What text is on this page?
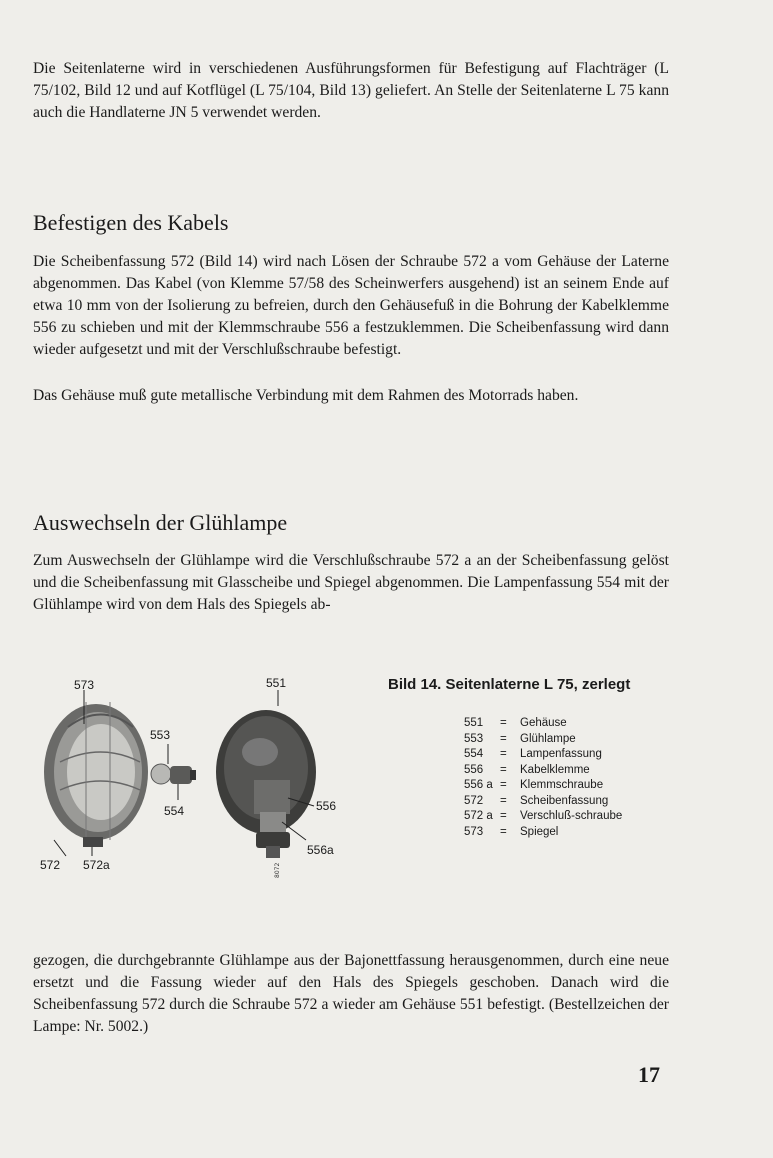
Die Seitenlaterne wird in verschiedenen Ausführungsformen für Befestigung auf Flachträger (L 75/102, Bild 12 und auf Kotflügel (L 75/104, Bild 13) geliefert. An Stelle der Seitenlaterne L 75 kann auch die Handlaterne JN 5 verwendet werden.

Befestigen des Kabels

Die Scheibenfassung 572 (Bild 14) wird nach Lösen der Schraube 572 a vom Gehäuse der Laterne abgenommen. Das Kabel (von Klemme 57/58 des Scheinwerfers ausgehend) ist an seinem Ende auf etwa 10 mm von der Isolierung zu befreien, durch den Gehäusefuß in die Bohrung der Kabelklemme 556 zu schieben und mit der Klemmschraube 556 a festzuklemmen. Die Scheibenfassung wird dann wieder aufgesetzt und mit der Verschlußschraube befestigt.

Das Gehäuse muß gute metallische Verbindung mit dem Rahmen des Motorrads haben.

Auswechseln der Glühlampe

Zum Auswechseln der Glühlampe wird die Verschlußschraube 572 a an der Scheibenfassung gelöst und die Scheibenfassung mit Glasscheibe und Spiegel abgenommen. Die Lampenfassung 554 mit der Glühlampe wird von dem Hals des Spiegels ab-

8072
573	551
553
554	556
556a
572 572a
Bild 14. Seitenlaterne L 75, zerlegt
551	=	Gehäuse
553	=	Glühlampe
554	=	Lampenfassung
556	=	Kabelklemme
556 a =	Klemmschraube
572	=	Scheibenfassung
572 a =	Verschluß-schraube
573	=	Spiegel

gezogen, die durchgebrannte Glühlampe aus der Bajonettfassung herausgenommen, durch eine neue ersetzt und die Fassung wieder auf den Hals des Spiegels geschoben. Danach wird die Scheibenfassung 572 durch die Schraube 572 a wieder am Gehäuse 551 befestigt. (Bestellzeichen der Lampe: Nr. 5002.)

17
